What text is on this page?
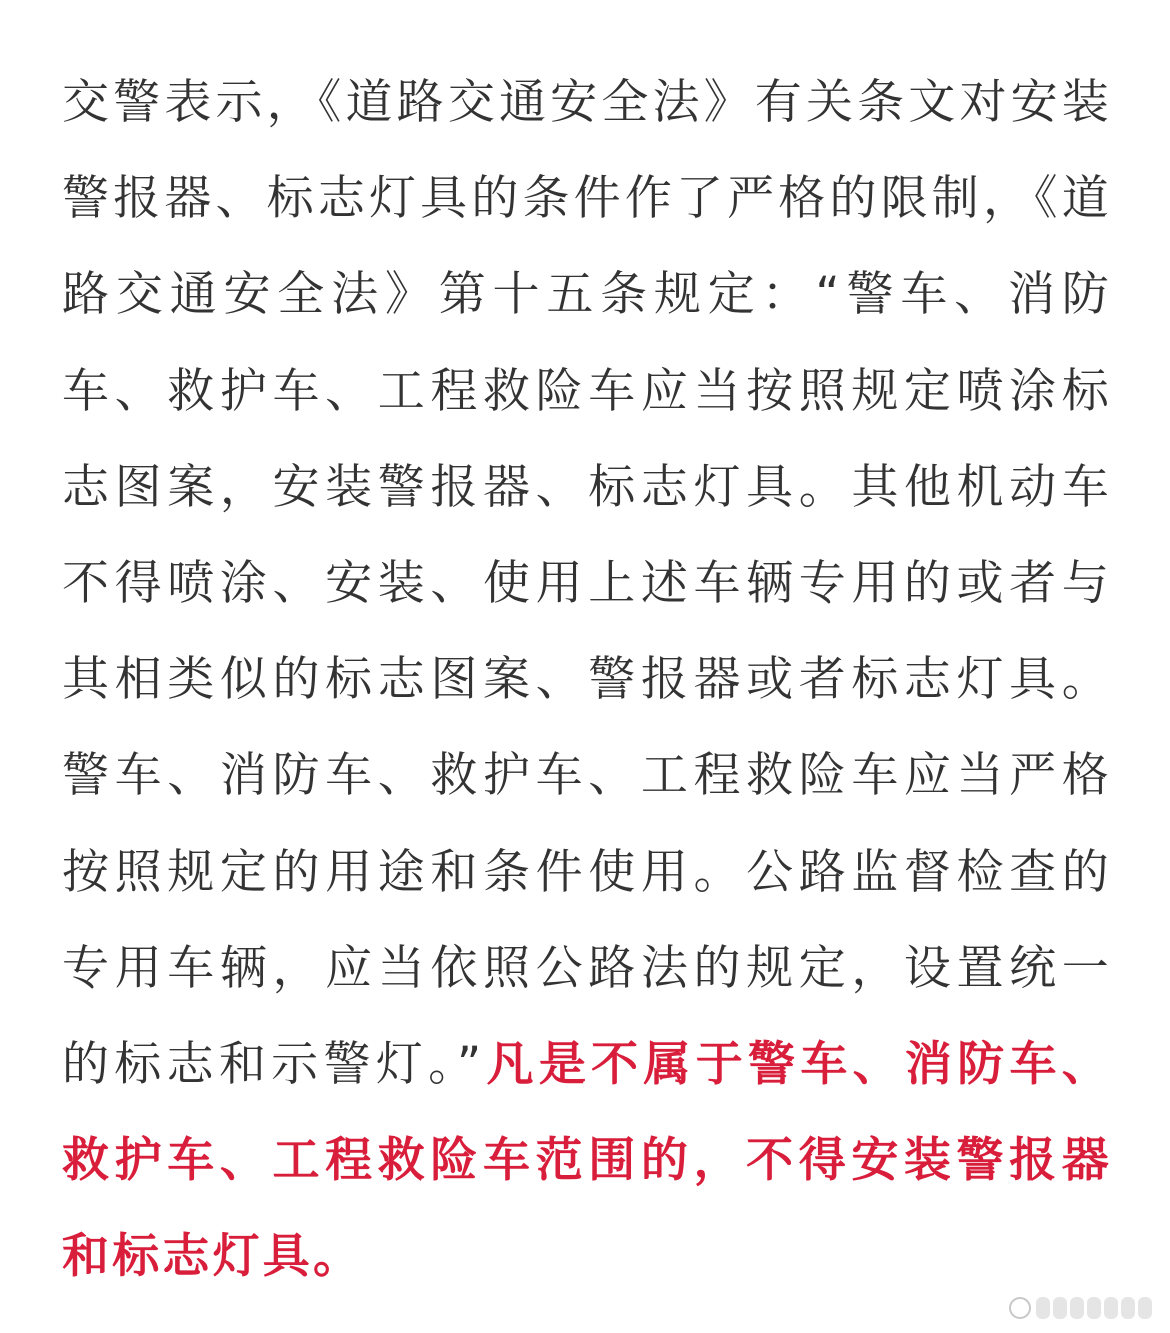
交警表示，《道路交通安全法》有关条文对安装警报器、标志灯具的条件作了严格的限制，《道路交通安全法》第十五条规定：“警车、消防车、救护车、工程救险车应当按照规定喷涂标志图案，安装警报器、标志灯具。其他机动车不得喷涂、安装、使用上述车辆专用的或者与其相类似的标志图案、警报器或者标志灯具。警车、消防车、救护车、工程救险车应当严格按照规定的用途和条件使用。公路监督检查的专用车辆，应当依照公路法的规定，设置统一的标志和示警灯。”凡是不属于警车、消防车、救护车、工程救险车范围的，不得安装警报器和标志灯具。
